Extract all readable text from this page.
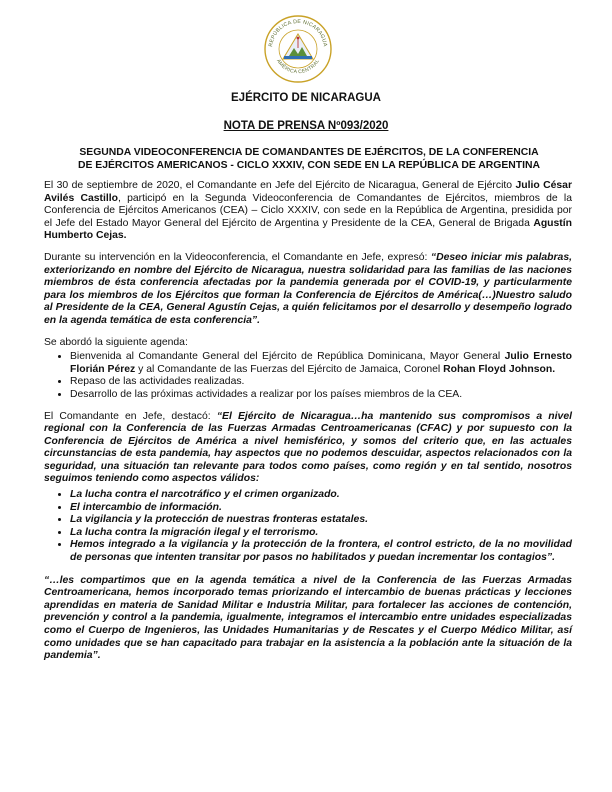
REPÚBLICA DE NICARAGUA
AMÉRICA CENTRAL
EJÉRCITO DE NICARAGUA
NOTA DE PRENSA Nº093/2020
SEGUNDA VIDEOCONFERENCIA DE COMANDANTES DE EJÉRCITOS, DE LA CONFERENCIA
DE EJÉRCITOS AMERICANOS - CICLO XXXIV, CON SEDE EN LA REPÚBLICA DE ARGENTINA

El 30 de septiembre de 2020, el Comandante en Jefe del Ejército de Nicaragua, General de Ejército Julio César Avilés Castillo, participó en la Segunda Videoconferencia de Comandantes de Ejércitos, miembros de la Conferencia de Ejércitos Americanos (CEA) – Ciclo XXXIV, con sede en la República de Argentina, presidida por el Jefe del Estado Mayor General del Ejército de Argentina y Presidente de la CEA, General de Brigada Agustín Humberto Cejas.

Durante su intervención en la Videoconferencia, el Comandante en Jefe, expresó: “Deseo iniciar mis palabras, exteriorizando en nombre del Ejército de Nicaragua, nuestra solidaridad para las familias de las naciones miembros de ésta conferencia afectadas por la pandemia generada por el COVID-19, y particularmente para los miembros de los Ejércitos que forman la Conferencia de Ejércitos de América(…)Nuestro saludo al Presidente de la CEA, General Agustín Cejas, a quién felicitamos por el desarrollo y desempeño logrado en la agenda temática de esta conferencia”.

Se abordó la siguiente agenda:

• Bienvenida al Comandante General del Ejército de República Dominicana, Mayor General Julio Ernesto Florián Pérez y al Comandante de las Fuerzas del Ejército de Jamaica, Coronel Rohan Floyd Johnson.
• Repaso de las actividades realizadas.
• Desarrollo de las próximas actividades a realizar por los países miembros de la CEA.

El Comandante en Jefe, destacó: “El Ejército de Nicaragua…ha mantenido sus compromisos a nivel regional con la Conferencia de las Fuerzas Armadas Centroamericanas (CFAC) y por supuesto con la Conferencia de Ejércitos de América a nivel hemisférico, y somos del criterio que, en las actuales circunstancias de esta pandemia, hay aspectos que no podemos descuidar, aspectos relacionados con la seguridad, una situación tan relevante para todos como países, como región y en tal sentido, nosotros seguimos teniendo como aspectos válidos:

• La lucha contra el narcotráfico y el crimen organizado.
• El intercambio de información.
• La vigilancia y la protección de nuestras fronteras estatales.
• La lucha contra la migración ilegal y el terrorismo.
• Hemos integrado a la vigilancia y la protección de la frontera, el control estricto, de la no movilidad de personas que intenten transitar por pasos no habilitados y puedan incrementar los contagios”.

“…les compartimos que en la agenda temática a nivel de la Conferencia de las Fuerzas Armadas Centroamericana, hemos incorporado temas priorizando el intercambio de buenas prácticas y lecciones aprendidas en materia de Sanidad Militar e Industria Militar, para fortalecer las acciones de contención, prevención y control a la pandemia, igualmente, integramos el intercambio entre unidades especializadas como el Cuerpo de Ingenieros, las Unidades Humanitarias y de Rescates y el Cuerpo Médico Militar, así como unidades que se han capacitado para trabajar en la asistencia a la población ante la situación de la pandemia”.
